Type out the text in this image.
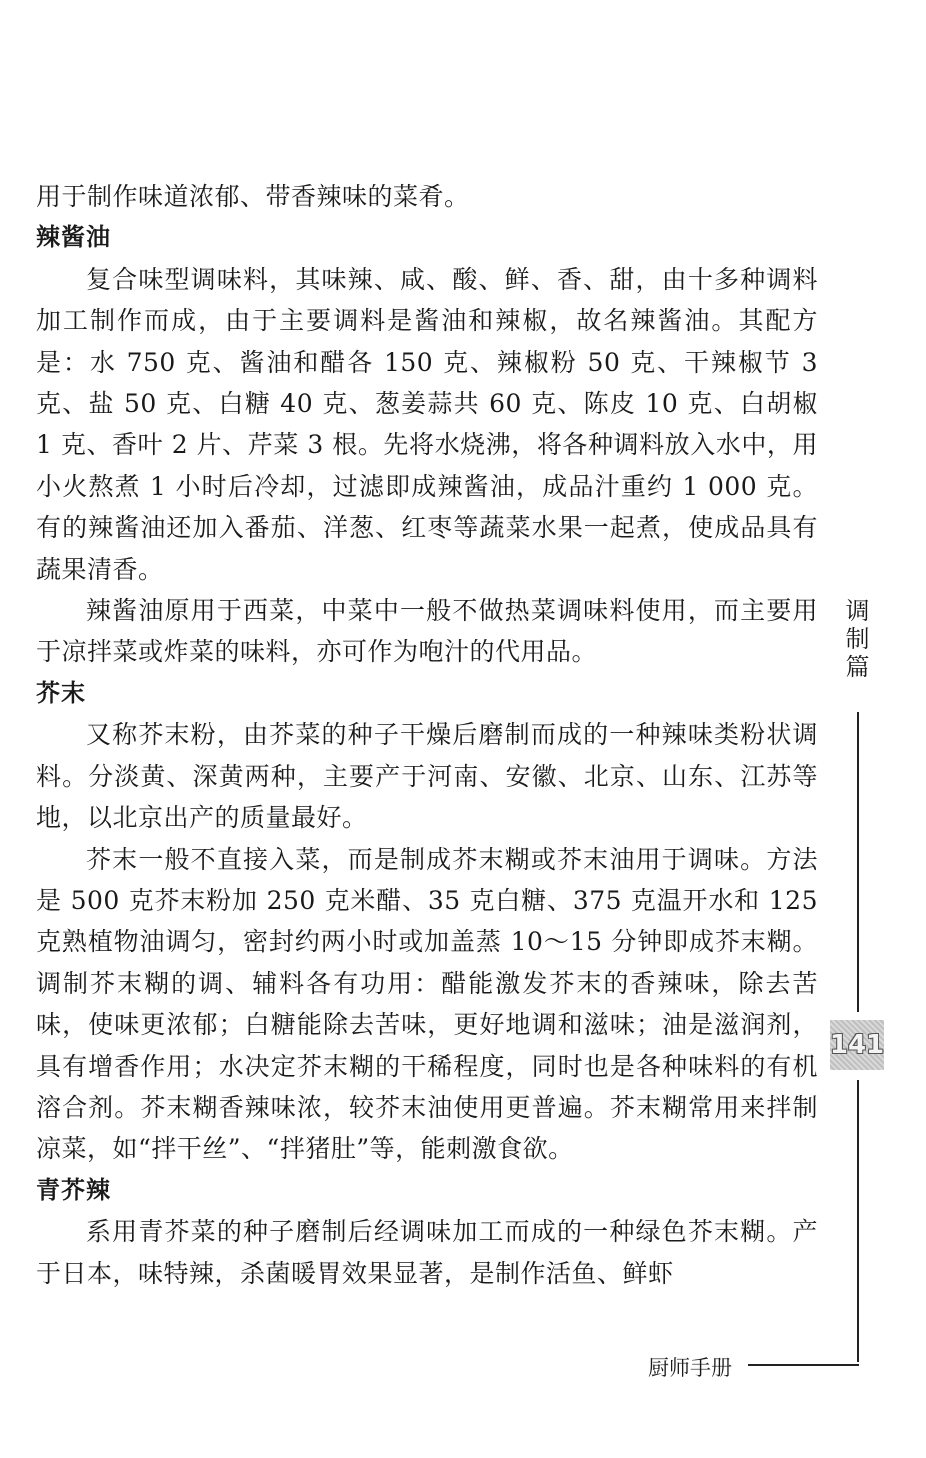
用于制作味道浓郁、带香辣味的菜肴。

辣酱油

复合味型调味料，其味辣、咸、酸、鲜、香、甜，由十多种调料加工制作而成，由于主要调料是酱油和辣椒，故名辣酱油。其配方是：水 750 克、酱油和醋各 150 克、辣椒粉 50 克、干辣椒节 3 克、盐 50 克、白糖 40 克、葱姜蒜共 60 克、陈皮 10 克、白胡椒 1 克、香叶 2 片、芹菜 3 根。先将水烧沸，将各种调料放入水中，用小火熬煮 1 小时后冷却，过滤即成辣酱油，成品汁重约 1 000 克。有的辣酱油还加入番茄、洋葱、红枣等蔬菜水果一起煮，使成品具有蔬果清香。

辣酱油原用于西菜，中菜中一般不做热菜调味料使用，而主要用于凉拌菜或炸菜的味料，亦可作为咆汁的代用品。

芥末

又称芥末粉，由芥菜的种子干燥后磨制而成的一种辣味类粉状调料。分淡黄、深黄两种，主要产于河南、安徽、北京、山东、江苏等地，以北京出产的质量最好。

芥末一般不直接入菜，而是制成芥末糊或芥末油用于调味。方法 是 500 克芥末粉加 250 克米醋、35 克白糖、375 克温开水和 125 克熟植物油调匀，密封约两小时或加盖蒸 10～15 分钟即成芥末糊。调制芥末糊的调、辅料各有功用：醋能激发芥末的香辣味，除去苦味，使味更浓郁；白糖能除去苦味，更好地调和滋味；油是滋润剂，具有增香作用；水决定芥末糊的干稀程度，同时也是各种味料的有机溶合剂。芥末糊香辣味浓，较芥末油使用更普遍。芥末糊常用来拌制凉菜，如“拌干丝”、“拌猪肚”等，能刺激食欲。

青芥辣

系用青芥菜的种子磨制后经调味加工而成的一种绿色芥末糊。产于日本，味特辣，杀菌暖胃效果显著，是制作活鱼、鲜虾

调制篇
141
厨师手册
